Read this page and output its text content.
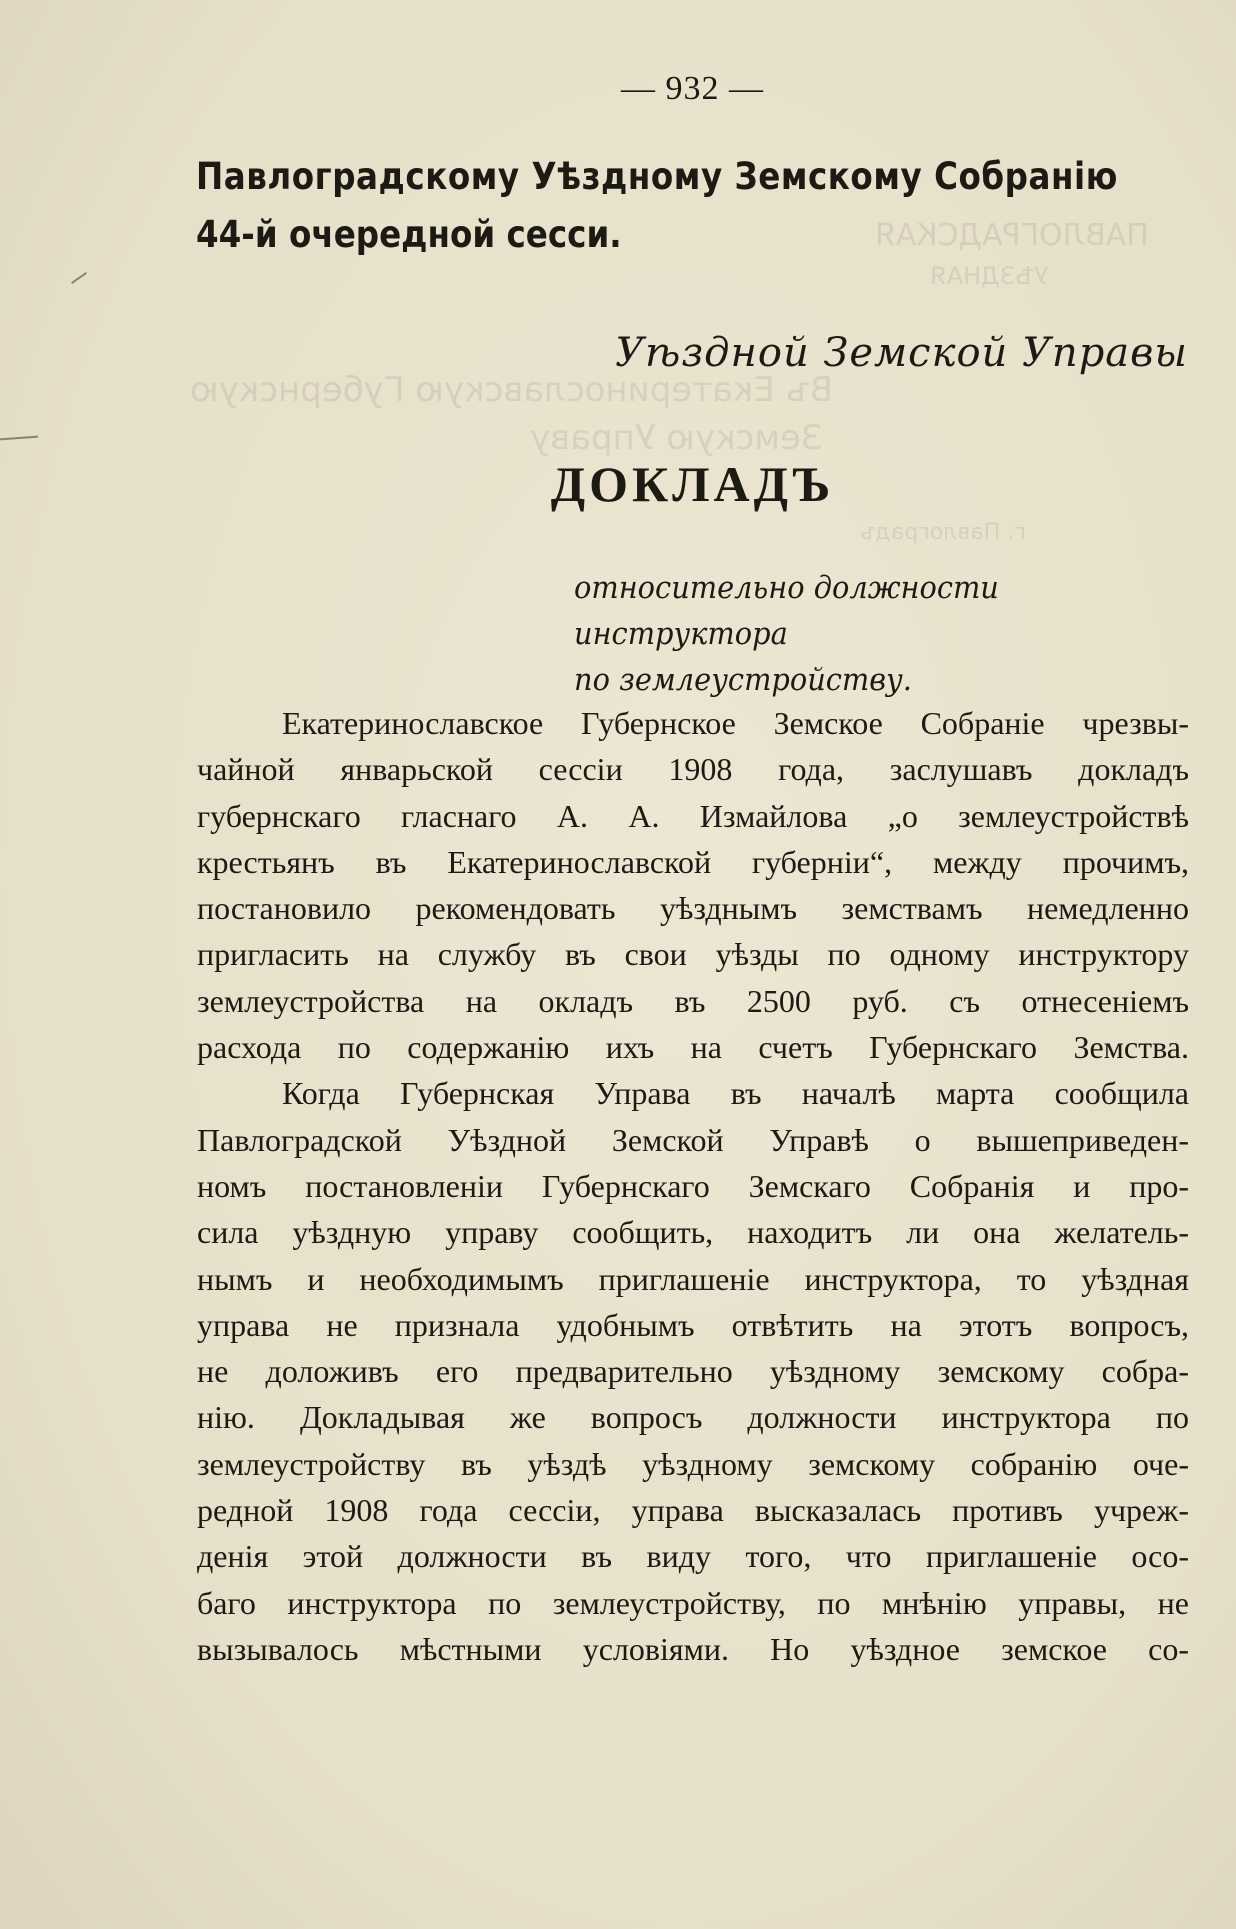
ПАВЛОГРАДСКАЯ
УѢЗДНАЯ
Въ Екатеринославскую Губернскую
Земскую Управу
г. Павлоградъ
— 932 —
Павлоградскому Уѣздному Земскому Собранію
44-й очередной сесси.
Уѣздной Земской Управы
ДОКЛАДЪ
относительно должности инструктора
по землеустройству.
Екатеринославское Губернское Земское Собраніе чрезвы-
чайной январьской сессіи 1908 года, заслушавъ докладъ
губернскаго гласнаго А. А. Измайлова „о землеустройствѣ
крестьянъ въ Екатеринославской губерніи“, между прочимъ,
постановило рекомендовать уѣзднымъ земствамъ немедленно
пригласить на службу въ свои уѣзды по одному инструктору
землеустройства на окладъ въ 2500 руб. съ отнесеніемъ
расхода по содержанію ихъ на счетъ Губернскаго Земства.
Когда Губернская Управа въ началѣ марта сообщила
Павлоградской Уѣздной Земской Управѣ о вышеприведен-
номъ постановленіи Губернскаго Земскаго Собранія и про-
сила уѣздную управу сообщить, находитъ ли она желатель-
нымъ и необходимымъ приглашеніе инструктора, то уѣздная
управа не признала удобнымъ отвѣтить на этотъ вопросъ,
не доложивъ его предварительно уѣздному земскому собра-
нію. Докладывая же вопросъ должности инструктора по
землеустройству въ уѣздѣ уѣздному земскому собранію оче-
редной 1908 года сессіи, управа высказалась противъ учреж-
денія этой должности въ виду того, что приглашеніе осо-
баго инструктора по землеустройству, по мнѣнію управы, не
вызывалось мѣстными условіями. Но уѣздное земское со-
